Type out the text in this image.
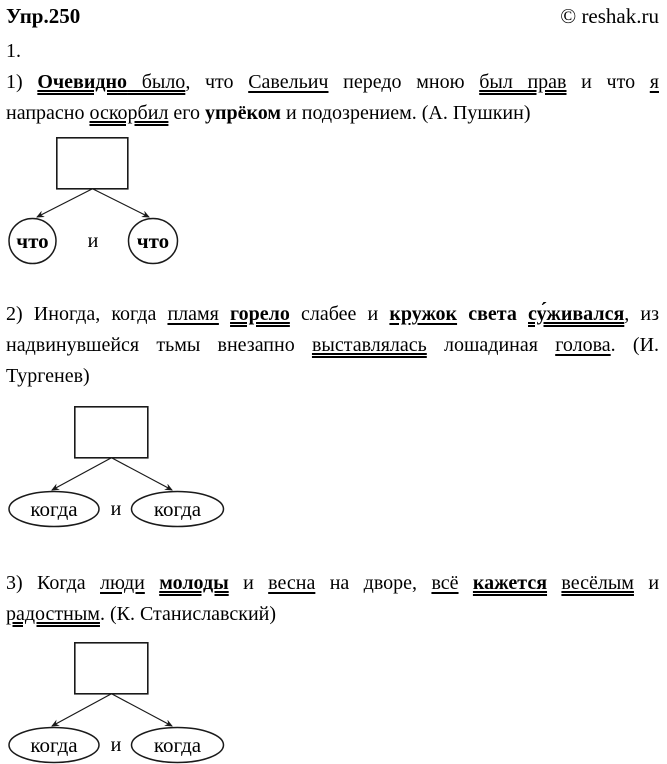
Упр.250	© reshak.ru
1.

1) Очевидно было, что Савельич передо мною был прав и что я
напрасно оскорбил его упрёком и подозрением. (А. Пушкин)

что и что

2) Иногда, когда пламя горело слабее и кружок света су́живался, из
надвинувшейся тьмы внезапно выставлялась лошадиная голова. (И.
Тургенев)

когда и когда

3) Когда люди молоды и весна на дворе, всё кажется весёлым и
радостным. (К. Станиславский)

когда и когда
